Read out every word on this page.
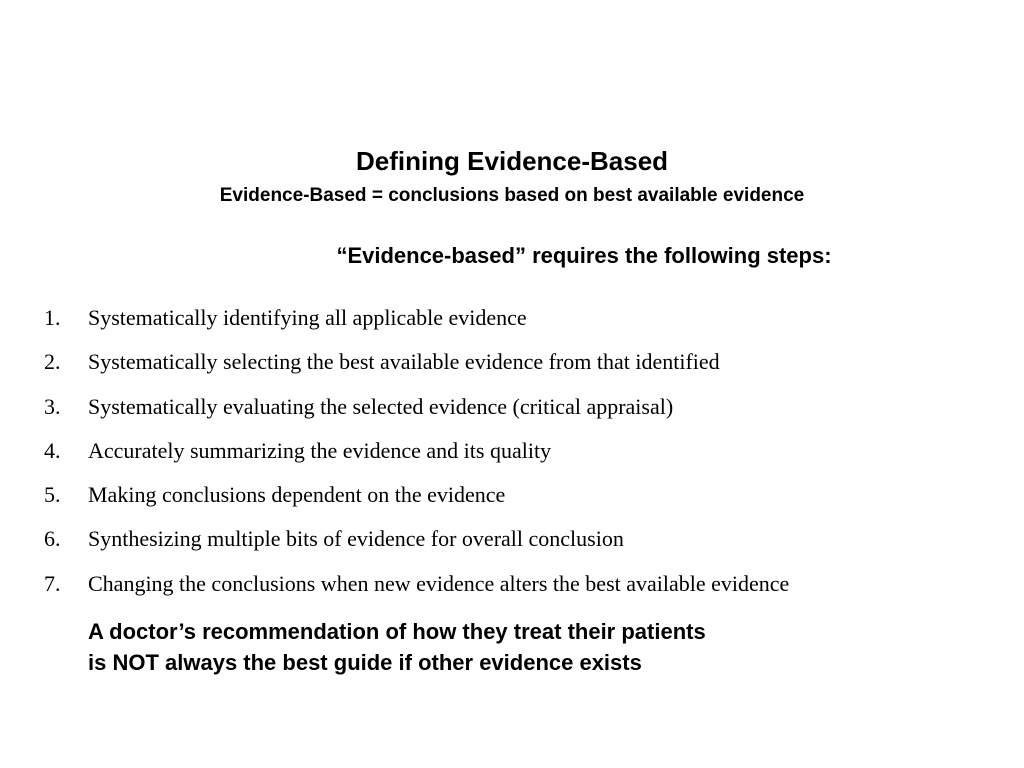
Defining Evidence-Based
Evidence-Based = conclusions based on best available evidence
“Evidence-based” requires the following steps:
1. Systematically identifying all applicable evidence
2. Systematically selecting the best available evidence from that identified
3. Systematically evaluating the selected evidence (critical appraisal)
4. Accurately summarizing the evidence and its quality
5. Making conclusions dependent on the evidence
6. Synthesizing multiple bits of evidence for overall conclusion
7. Changing the conclusions when new evidence alters the best available evidence

A doctor’s recommendation of how they treat their patients
is NOT always the best guide if other evidence exists
